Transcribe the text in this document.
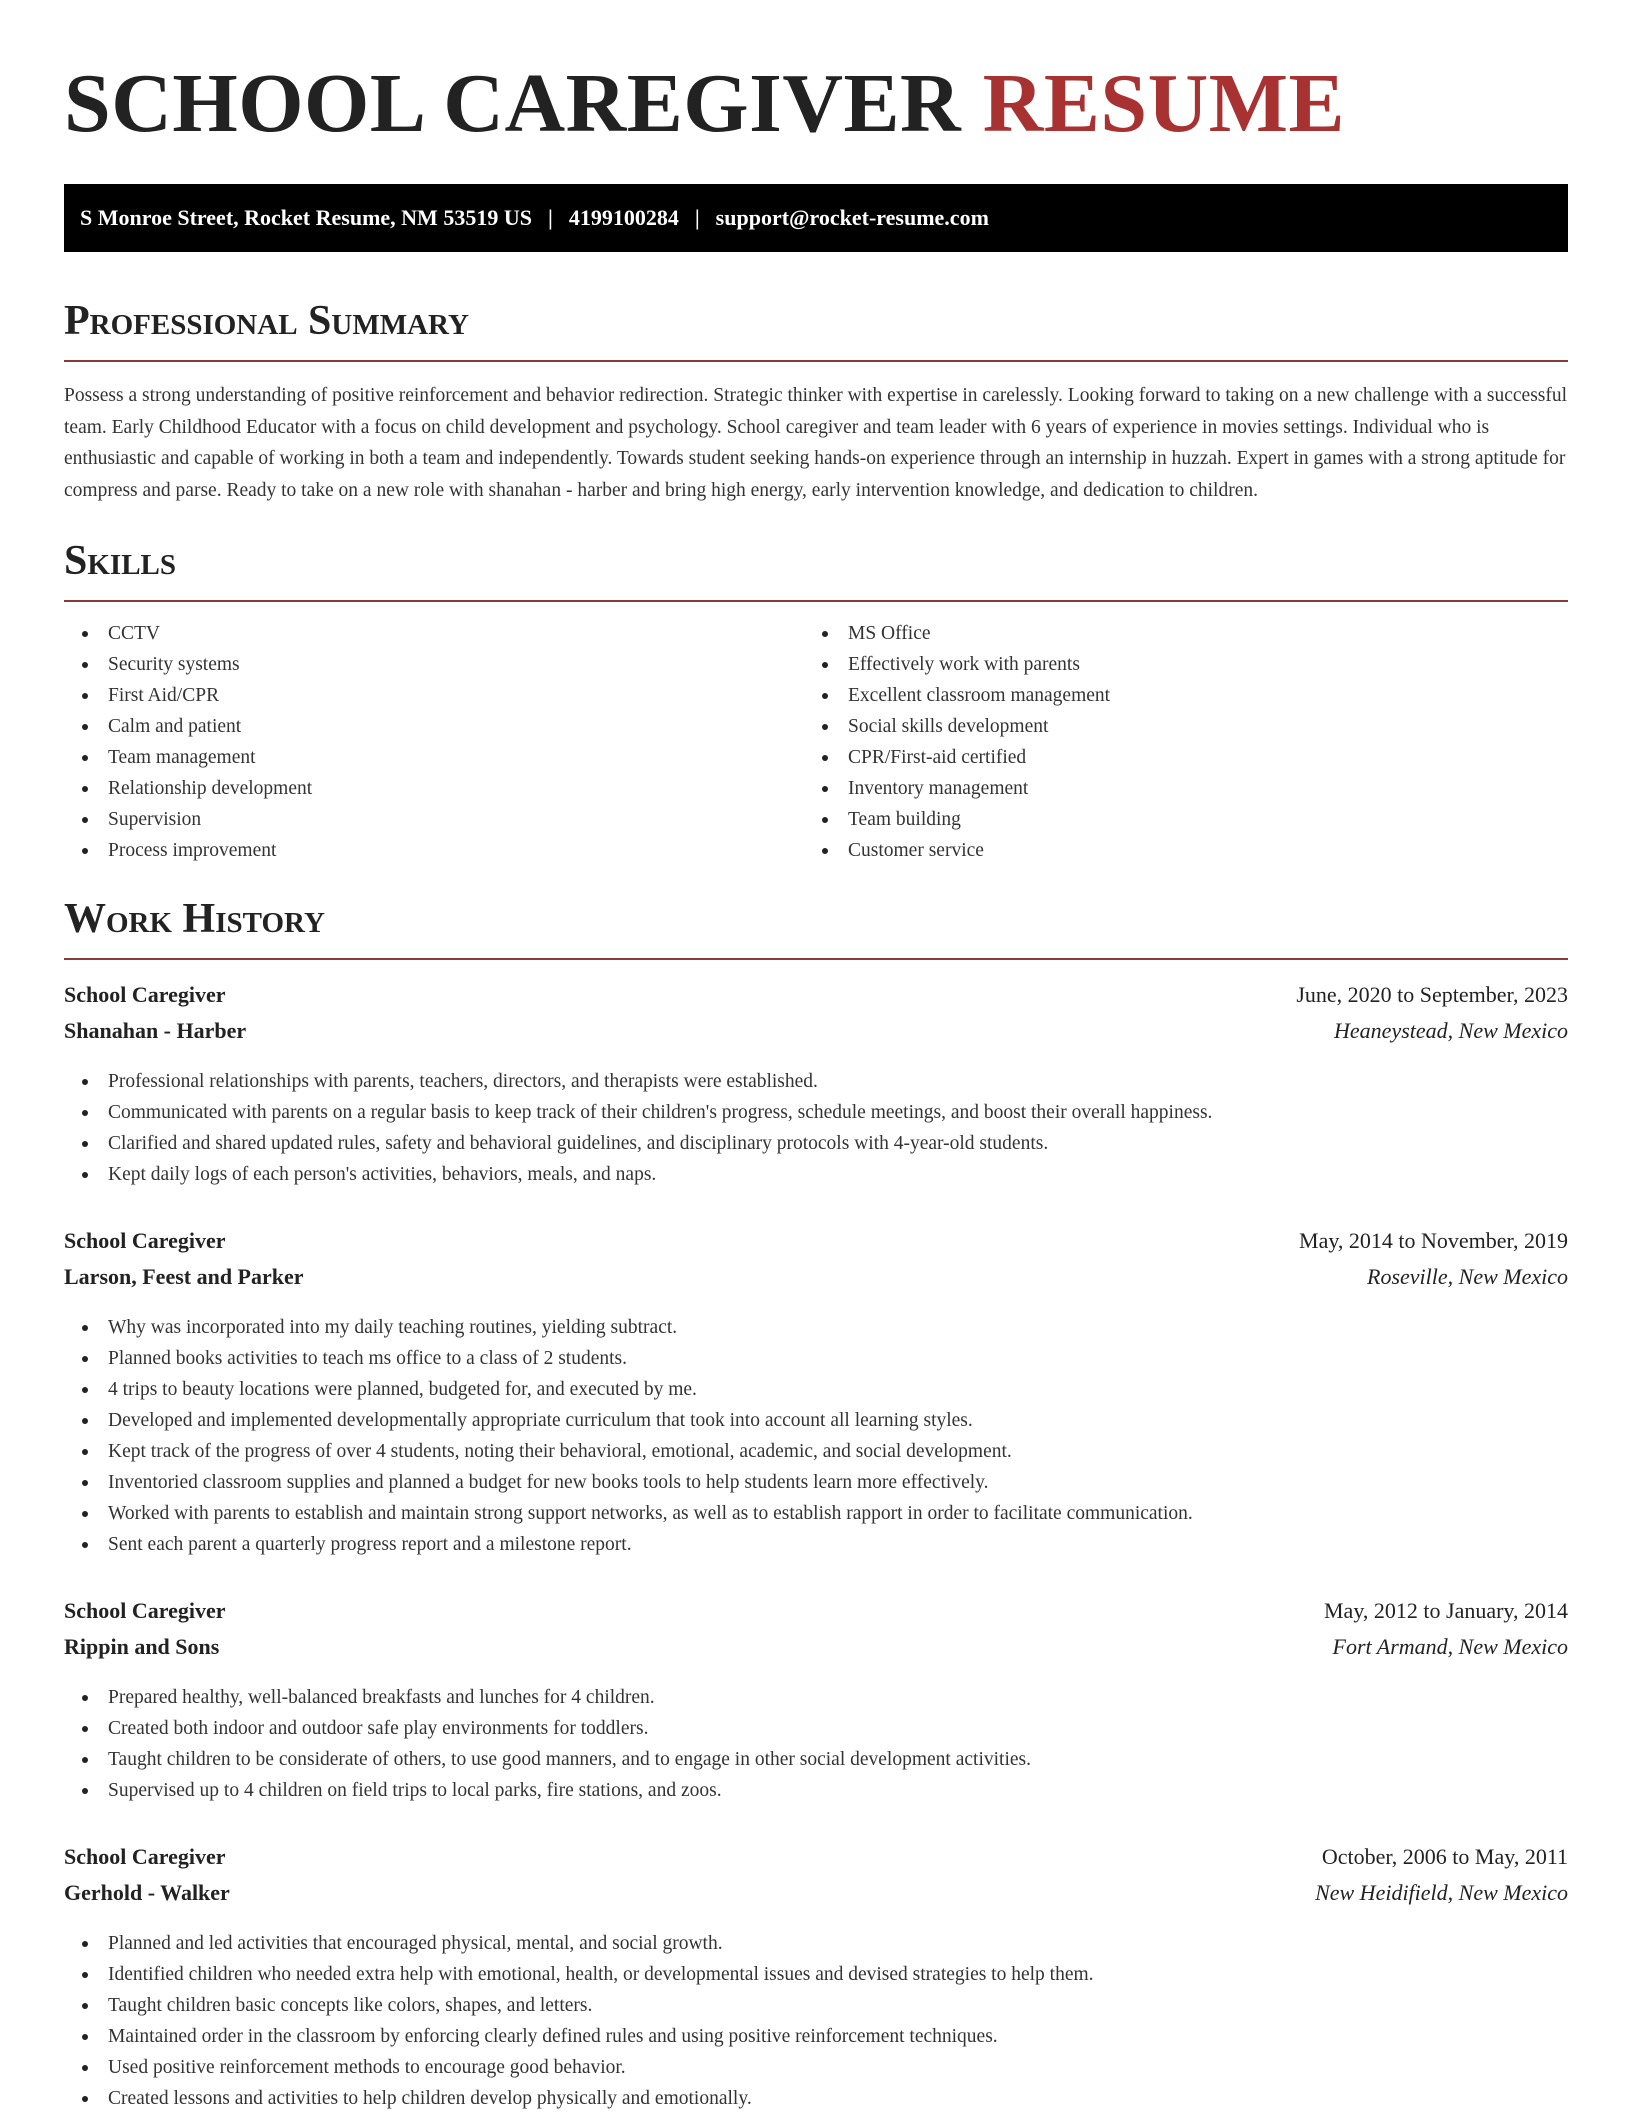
SCHOOL CAREGIVER RESUME
S Monroe Street, Rocket Resume, NM 53519 US | 4199100284 | support@rocket-resume.com
Professional Summary

Possess a strong understanding of positive reinforcement and behavior redirection. Strategic thinker with expertise in carelessly. Looking forward to taking on a new challenge with a successful team. Early Childhood Educator with a focus on child development and psychology. School caregiver and team leader with 6 years of experience in movies settings. Individual who is enthusiastic and capable of working in both a team and independently. Towards student seeking hands-on experience through an internship in huzzah. Expert in games with a strong aptitude for compress and parse. Ready to take on a new role with shanahan - harber and bring high energy, early intervention knowledge, and dedication to children.

Skills
CCTV
Security systems
First Aid/CPR
Calm and patient
Team management
Relationship development
Supervision
Process improvement
MS Office
Effectively work with parents
Excellent classroom management
Social skills development
CPR/First-aid certified
Inventory management
Team building
Customer service
Work History
School Caregiver	June, 2020 to September, 2023
Shanahan - Harber	Heaneystead, New Mexico
Professional relationships with parents, teachers, directors, and therapists were established.
Communicated with parents on a regular basis to keep track of their children's progress, schedule meetings, and boost their overall happiness.
Clarified and shared updated rules, safety and behavioral guidelines, and disciplinary protocols with 4-year-old students.
Kept daily logs of each person's activities, behaviors, meals, and naps.
School Caregiver	May, 2014 to November, 2019
Larson, Feest and Parker	Roseville, New Mexico
Why was incorporated into my daily teaching routines, yielding subtract.
Planned books activities to teach ms office to a class of 2 students.
4 trips to beauty locations were planned, budgeted for, and executed by me.
Developed and implemented developmentally appropriate curriculum that took into account all learning styles.
Kept track of the progress of over 4 students, noting their behavioral, emotional, academic, and social development.
Inventoried classroom supplies and planned a budget for new books tools to help students learn more effectively.
Worked with parents to establish and maintain strong support networks, as well as to establish rapport in order to facilitate communication.
Sent each parent a quarterly progress report and a milestone report.
School Caregiver	May, 2012 to January, 2014
Rippin and Sons	Fort Armand, New Mexico
Prepared healthy, well-balanced breakfasts and lunches for 4 children.
Created both indoor and outdoor safe play environments for toddlers.
Taught children to be considerate of others, to use good manners, and to engage in other social development activities.
Supervised up to 4 children on field trips to local parks, fire stations, and zoos.
School Caregiver	October, 2006 to May, 2011
Gerhold - Walker	New Heidifield, New Mexico
Planned and led activities that encouraged physical, mental, and social growth.
Identified children who needed extra help with emotional, health, or developmental issues and devised strategies to help them.
Taught children basic concepts like colors, shapes, and letters.
Maintained order in the classroom by enforcing clearly defined rules and using positive reinforcement techniques.
Used positive reinforcement methods to encourage good behavior.
Created lessons and activities to help children develop physically and emotionally.
